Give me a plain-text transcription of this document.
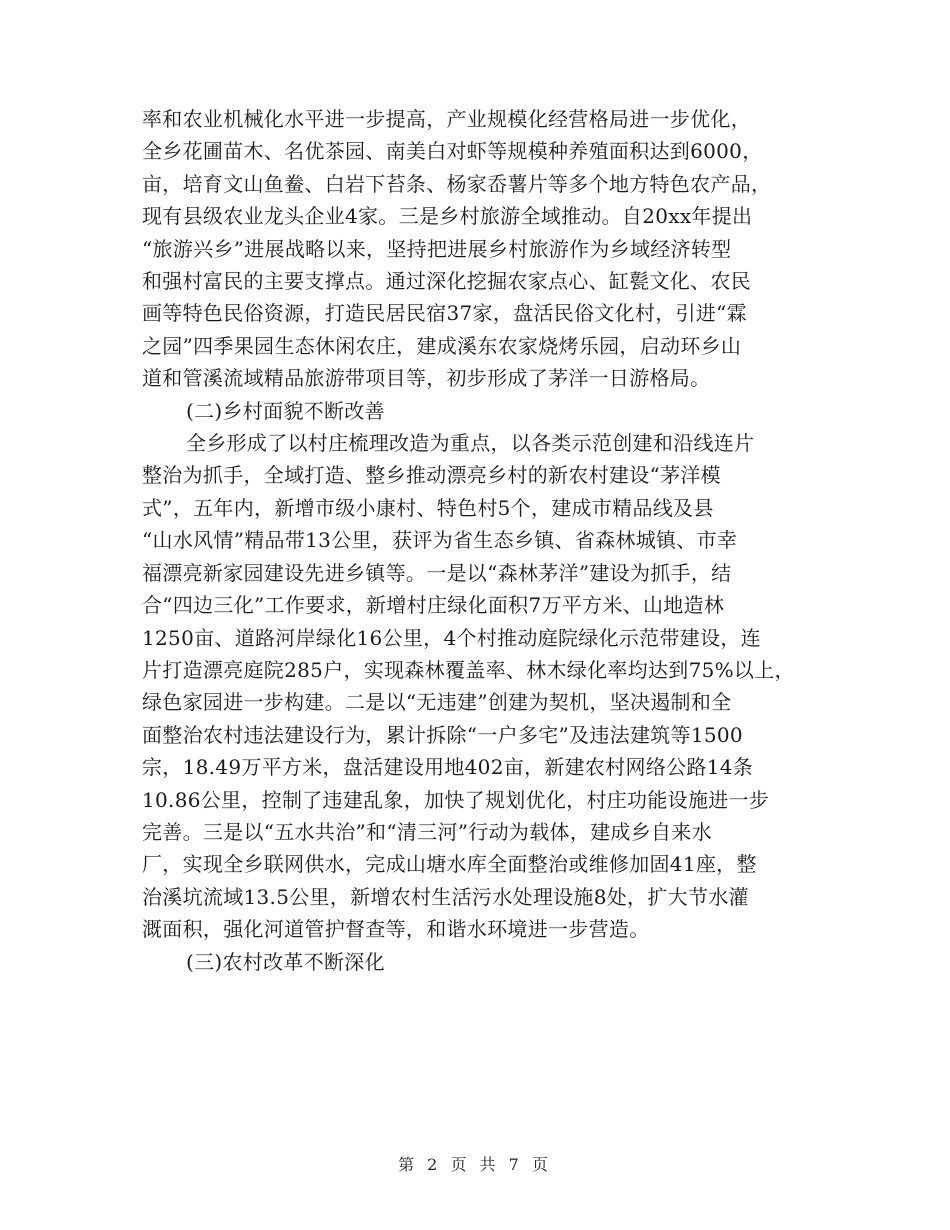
率和农业机械化水平进一步提高，产业规模化经营格局进一步优化，
全乡花圃苗木、名优茶园、南美白对虾等规模种养殖面积达到6000，
亩，培育文山鱼鲞、白岩下苔条、杨家岙薯片等多个地方特色农产品，
现有县级农业龙头企业4家。三是乡村旅游全域推动。自20xx年提出
“旅游兴乡”进展战略以来，坚持把进展乡村旅游作为乡域经济转型
和强村富民的主要支撑点。通过深化挖掘农家点心、缸甏文化、农民
画等特色民俗资源，打造民居民宿37家，盘活民俗文化村，引进“霖
之园”四季果园生态休闲农庄，建成溪东农家烧烤乐园，启动环乡山
道和管溪流域精品旅游带项目等，初步形成了茅洋一日游格局。
(二)乡村面貌不断改善
全乡形成了以村庄梳理改造为重点，以各类示范创建和沿线连片
整治为抓手，全域打造、整乡推动漂亮乡村的新农村建设“茅洋模
式”，五年内，新增市级小康村、特色村5个，建成市精品线及县
“山水风情”精品带13公里，获评为省生态乡镇、省森林城镇、市幸
福漂亮新家园建设先进乡镇等。一是以“森林茅洋”建设为抓手，结
合“四边三化”工作要求，新增村庄绿化面积7万平方米、山地造林
1250亩、道路河岸绿化16公里，4个村推动庭院绿化示范带建设，连
片打造漂亮庭院285户，实现森林覆盖率、林木绿化率均达到75%以上，
绿色家园进一步构建。二是以“无违建”创建为契机，坚决遏制和全
面整治农村违法建设行为，累计拆除“一户多宅”及违法建筑等1500
宗，18.49万平方米，盘活建设用地402亩，新建农村网络公路14条
10.86公里，控制了违建乱象，加快了规划优化，村庄功能设施进一步
完善。三是以“五水共治”和“清三河”行动为载体，建成乡自来水
厂，实现全乡联网供水，完成山塘水库全面整治或维修加固41座，整
治溪坑流域13.5公里，新增农村生活污水处理设施8处，扩大节水灌
溉面积，强化河道管护督查等，和谐水环境进一步营造。
(三)农村改革不断深化
第 2 页 共 7 页
